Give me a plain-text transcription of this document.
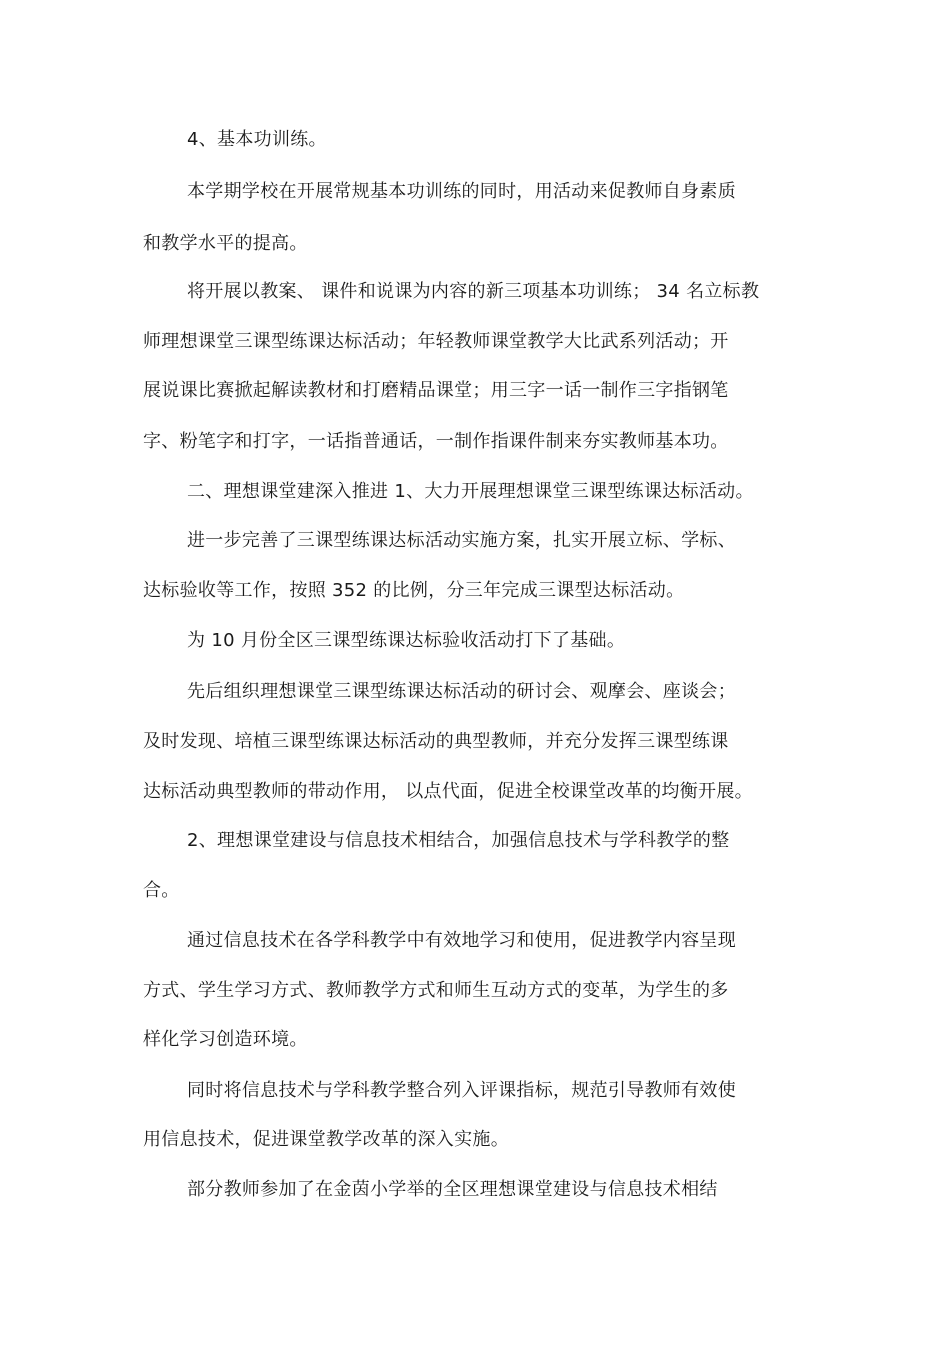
4、基本功训练。
本学期学校在开展常规基本功训练的同时，用活动来促教师自身素质
和教学水平的提高。
将开展以教案、 课件和说课为内容的新三项基本功训练； 34 名立标教
师理想课堂三课型练课达标活动；年轻教师课堂教学大比武系列活动；开
展说课比赛掀起解读教材和打磨精品课堂；用三字一话一制作三字指钢笔
字、粉笔字和打字，一话指普通话，一制作指课件制来夯实教师基本功。
二、理想课堂建深入推进 1、大力开展理想课堂三课型练课达标活动。
进一步完善了三课型练课达标活动实施方案，扎实开展立标、学标、
达标验收等工作，按照 352 的比例，分三年完成三课型达标活动。
为 10 月份全区三课型练课达标验收活动打下了基础。
先后组织理想课堂三课型练课达标活动的研讨会、观摩会、座谈会；
及时发现、培植三课型练课达标活动的典型教师，并充分发挥三课型练课
达标活动典型教师的带动作用， 以点代面，促进全校课堂改革的均衡开展。
2、理想课堂建设与信息技术相结合，加强信息技术与学科教学的整
合。
通过信息技术在各学科教学中有效地学习和使用，促进教学内容呈现
方式、学生学习方式、教师教学方式和师生互动方式的变革，为学生的多
样化学习创造环境。
同时将信息技术与学科教学整合列入评课指标，规范引导教师有效使
用信息技术，促进课堂教学改革的深入实施。
部分教师参加了在金茵小学举的全区理想课堂建设与信息技术相结
